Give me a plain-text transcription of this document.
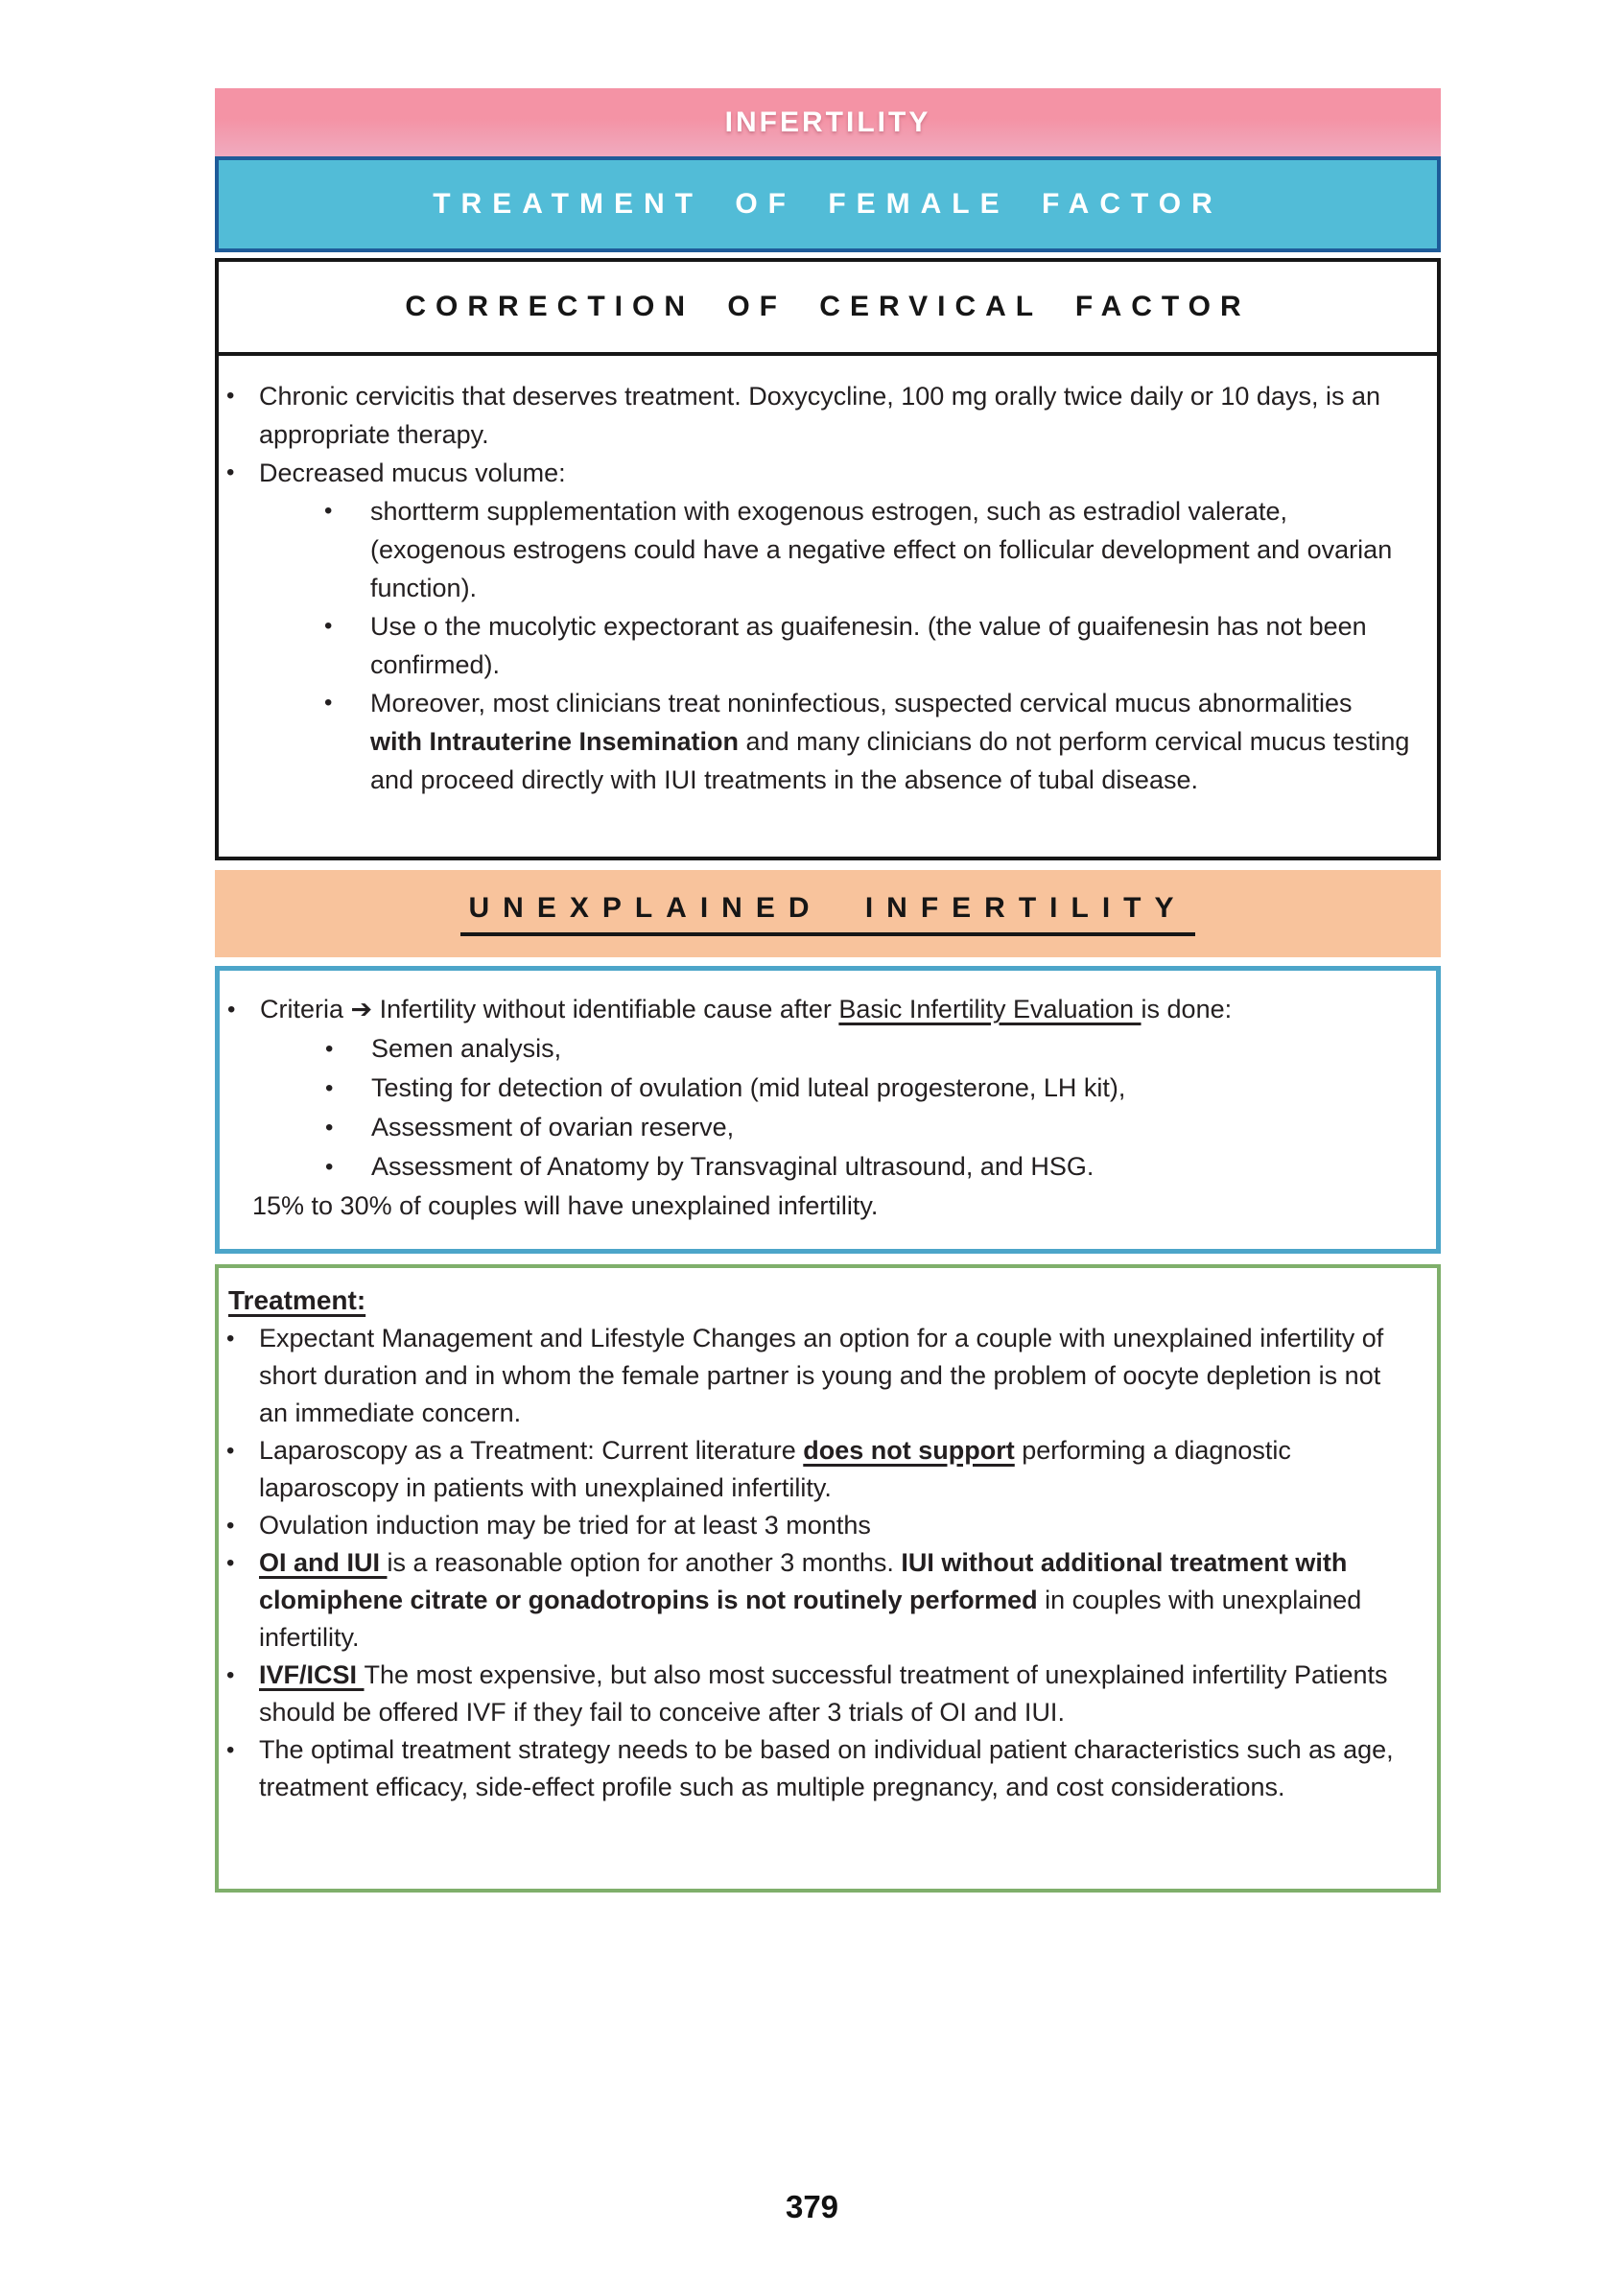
INFERTILITY
TREATMENT OF FEMALE FACTOR
CORRECTION OF CERVICAL FACTOR
• Chronic cervicitis that deserves treatment. Doxycycline, 100 mg orally twice daily or 10 days, is an appropriate therapy.
• Decreased mucus volume:
•	shortterm supplementation with exogenous estrogen, such as estradiol valerate, (exogenous estrogens could have a negative effect on follicular development and ovarian function).
•	Use o the mucolytic expectorant as guaifenesin. (the value of guaifenesin has not been confirmed).
•	Moreover, most clinicians treat noninfectious, suspected cervical mucus abnormalities with Intrauterine Insemination and many clinicians do not perform cervical mucus testing and proceed directly with IUI treatments in the absence of tubal disease.
UNEXPLAINED INFERTILITY
• Criteria ➔ Infertility without identifiable cause after Basic Infertility Evaluation is done:
•	Semen analysis,
•	Testing for detection of ovulation (mid luteal progesterone, LH kit),
•	Assessment of ovarian reserve,
•	Assessment of Anatomy by Transvaginal ultrasound, and HSG.
15% to 30% of couples will have unexplained infertility.
Treatment:
• Expectant Management and Lifestyle Changes an option for a couple with unexplained infertility of short duration and in whom the female partner is young and the problem of oocyte depletion is not an immediate concern.
• Laparoscopy as a Treatment: Current literature does not support performing a diagnostic laparoscopy in patients with unexplained infertility.
• Ovulation induction may be tried for at least 3 months
• OI and IUI is a reasonable option for another 3 months. IUI without additional treatment with clomiphene citrate or gonadotropins is not routinely performed in couples with unexplained infertility.
• IVF/ICSI The most expensive, but also most successful treatment of unexplained infertility Patients should be offered IVF if they fail to conceive after 3 trials of OI and IUI.
• The optimal treatment strategy needs to be based on individual patient characteristics such as age, treatment efficacy, side-effect profile such as multiple pregnancy, and cost considerations.
379
